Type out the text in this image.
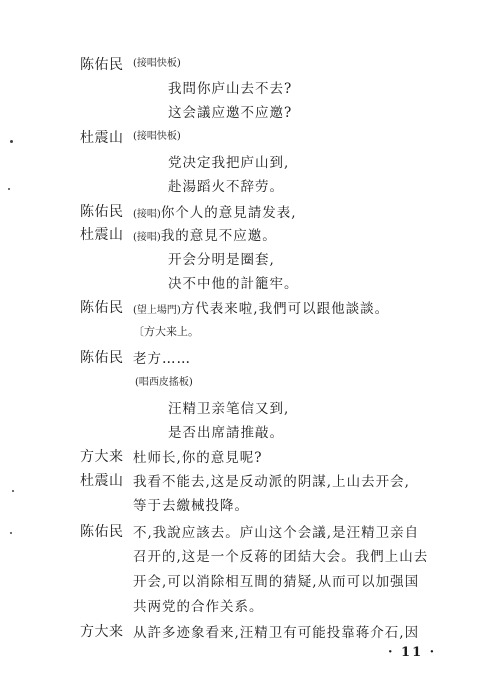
陈佑民 (接唱快板)
我問你庐山去不去?
这会議应邀不应邀?
杜震山 (接唱快板)
党决定我把庐山到,
赴湯蹈火不辞劳。
陈佑民 (接唱)你个人的意見請发表,
杜震山 (接唱)我的意見不应邀。
开会分明是圈套,
决不中他的計籠牢。
陈佑民 (望上場門)方代表来啦,我們可以跟他談談。
〔方大来上。
陈佑民 老方……
(唱西皮搖板)
汪精卫亲笔信又到,
是否出席請推敲。
方大来 杜师长,你的意見呢?
杜震山 我看不能去,这是反动派的阴謀,上山去开会,
等于去繳械投降。
陈佑民 不,我說应該去。庐山这个会議,是汪精卫亲自
召开的,这是一个反蒋的团結大会。我們上山去
开会,可以消除相互間的猜疑,从而可以加强国
共两党的合作关系。
方大来 从許多迹象看来,汪精卫有可能投靠蒋介石,因
· 11 ·
